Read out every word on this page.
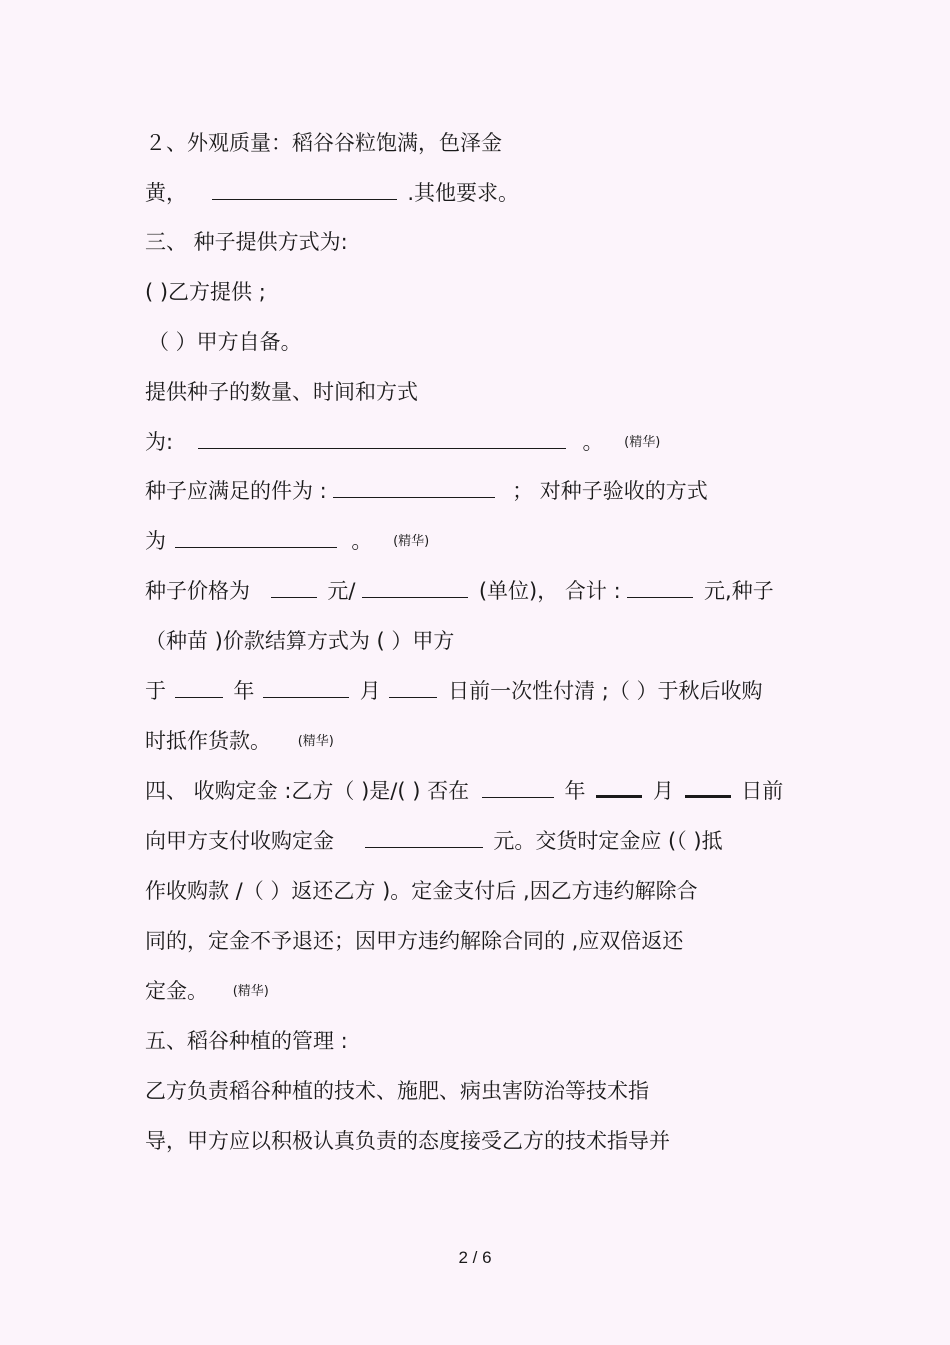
２、外观质量：稻谷谷粒饱满，色泽金
黄，	.其他要求。
三、 种子提供方式为:
( )乙方提供 ;
（ ）甲方自备。
提供种子的数量、时间和方式
为:	。 (精华)
种子应满足的件为 :	； 对种子验收的方式
为	。 (精华)
种子价格为	元/	(单位)， 合计 :	元,种子
（种苗 )价款结算方式为 ( ）甲方
于	年	月	日前一次性付清 ;（ ）于秋后收购
时抵作货款。 (精华)
四、 收购定金 :乙方（ )是/( ) 否在	年	月	日前
向甲方支付收购定金	元。交货时定金应 (（ )抵
作收购款 /（ ）返还乙方 )。定金支付后 ,因乙方违约解除合
同的，定金不予退还；因甲方违约解除合同的 ,应双倍返还
定金。 (精华)
五、稻谷种植的管理 :
乙方负责稻谷种植的技术、施肥、病虫害防治等技术指
导，甲方应以积极认真负责的态度接受乙方的技术指导并
2 / 6
